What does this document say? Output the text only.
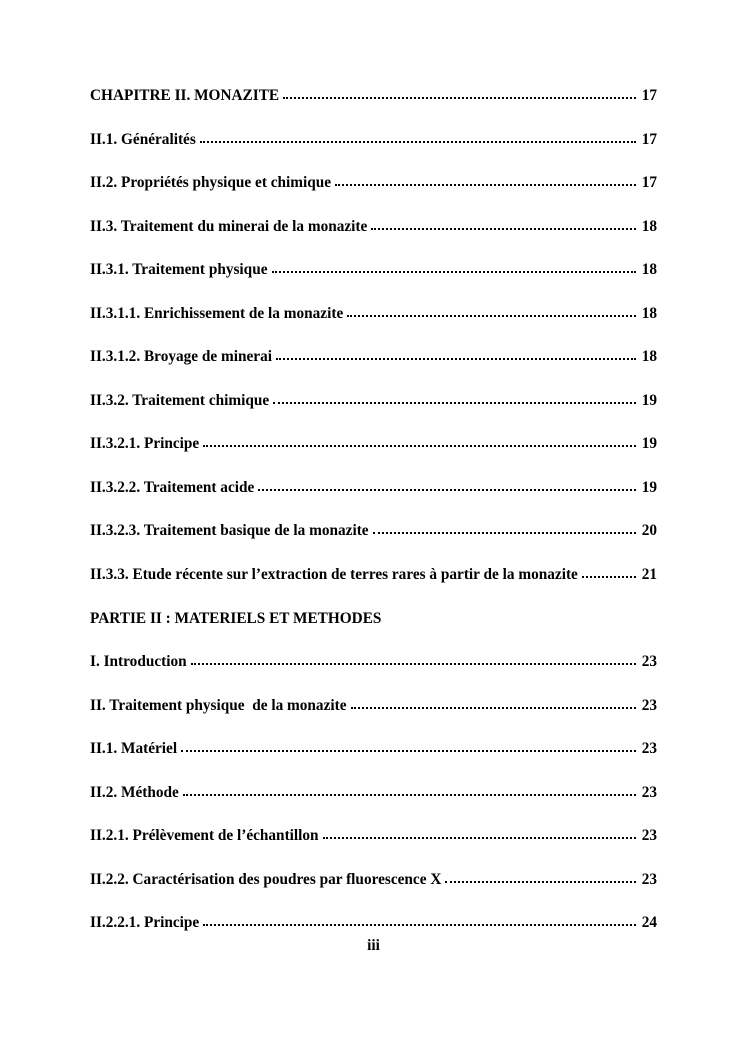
CHAPITRE II. MONAZITE	17
II.1. Généralités	17
II.2. Propriétés physique et chimique	17
II.3. Traitement du minerai de la monazite	18
II.3.1. Traitement physique	18
II.3.1.1. Enrichissement de la monazite	18
II.3.1.2. Broyage de minerai	18
II.3.2. Traitement chimique	19
II.3.2.1. Principe	19
II.3.2.2. Traitement acide	19
II.3.2.3. Traitement basique de la monazite	20
II.3.3. Etude récente sur l’extraction de terres rares à partir de la monazite	21
PARTIE II : MATERIELS ET METHODES
I. Introduction	23
II. Traitement physique  de la monazite	23
II.1. Matériel	23
II.2. Méthode	23
II.2.1. Prélèvement de l’échantillon	23
II.2.2. Caractérisation des poudres par fluorescence X	23
II.2.2.1. Principe	24
iii
